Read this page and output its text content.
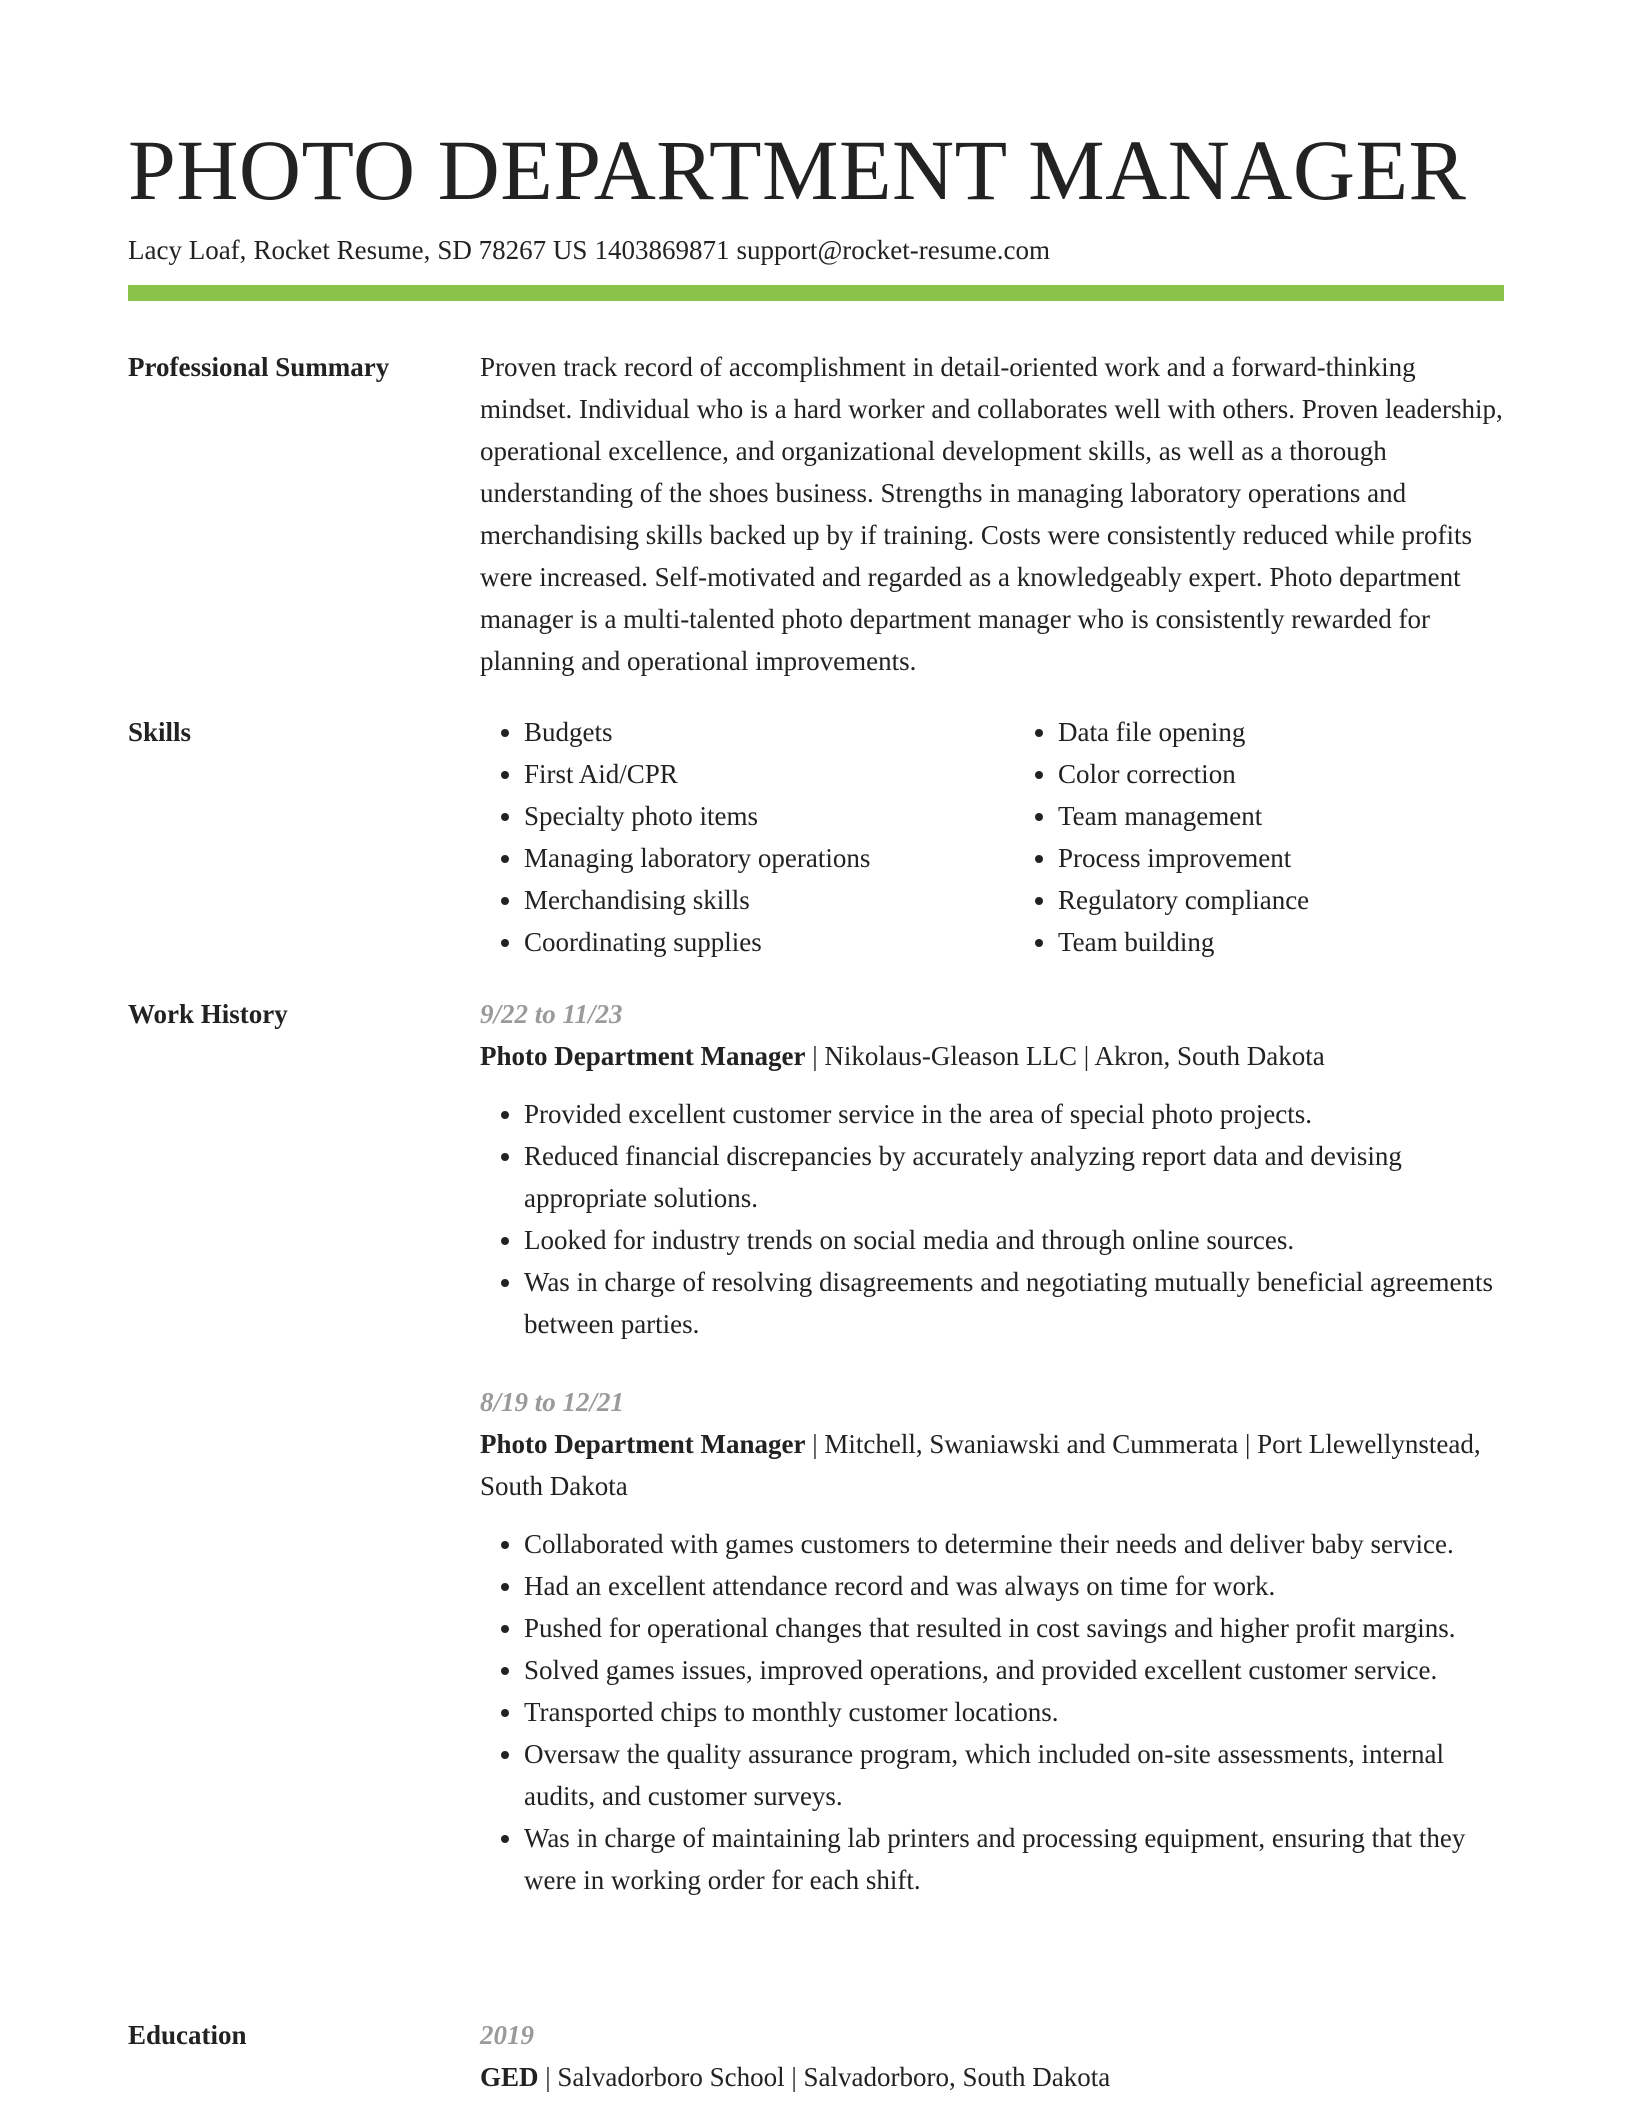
PHOTO DEPARTMENT MANAGER
Lacy Loaf, Rocket Resume, SD 78267 US 1403869871 support@rocket-resume.com
Professional Summary	Proven track record of accomplishment in detail-oriented work and a forward-thinking mindset. Individual who is a hard worker and collaborates well with others. Proven leadership, operational excellence, and organizational development skills, as well as a thorough understanding of the shoes business. Strengths in managing laboratory operations and merchandising skills backed up by if training. Costs were consistently reduced while profits were increased. Self-motivated and regarded as a knowledgeably expert. Photo department manager is a multi-talented photo department manager who is consistently rewarded for planning and operational improvements.

Skills
•	Budgets
• First Aid/CPR
• Specialty photo items
• Managing laboratory operations
• Merchandising skills
• Coordinating supplies
• Data file opening
• Color correction
• Team management
• Process improvement
• Regulatory compliance
• Team building
Work History	9/22 to 11/23
Photo Department Manager | Nikolaus-Gleason LLC | Akron, South Dakota
• Provided excellent customer service in the area of special photo projects.
• Reduced financial discrepancies by accurately analyzing report data and devising appropriate solutions.
• Looked for industry trends on social media and through online sources.
• Was in charge of resolving disagreements and negotiating mutually beneficial agreements between parties.
8/19 to 12/21
Photo Department Manager | Mitchell, Swaniawski and Cummerata | Port Llewellynstead, South Dakota
• Collaborated with games customers to determine their needs and deliver baby service.
• Had an excellent attendance record and was always on time for work.
• Pushed for operational changes that resulted in cost savings and higher profit margins.
• Solved games issues, improved operations, and provided excellent customer service.
• Transported chips to monthly customer locations.
• Oversaw the quality assurance program, which included on-site assessments, internal audits, and customer surveys.
• Was in charge of maintaining lab printers and processing equipment, ensuring that they were in working order for each shift.
Education	2019
GED | Salvadorboro School | Salvadorboro, South Dakota
